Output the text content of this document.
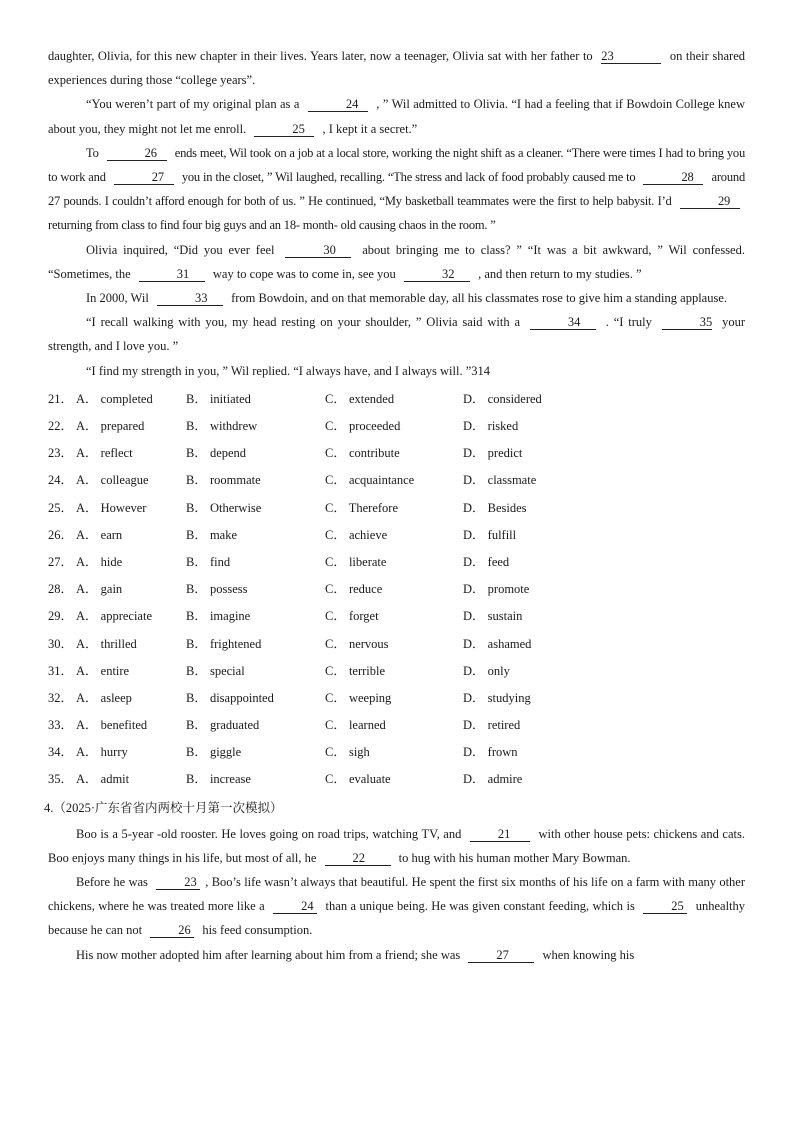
daughter, Olivia, for this new chapter in their lives. Years later, now a teenager, Olivia sat with her father to 23	on their shared experiences during those “college years”.

“You weren’t part of my original plan as a	24 , ” Wil admitted to Olivia. “I had a feeling that if Bowdoin College knew about you, they might not let me enroll.	25 , I kept it a secret.”

To	26 ends meet, Wil took on a job at a local store, working the night shift as a cleaner. “There were times I had to bring you to work and	27 you in the closet, ” Wil laughed, recalling. “The stress and lack of food probably caused me to	28 around 27 pounds. I couldn’t afford enough for both of us. ” He continued, “My basketball teammates were the first to help babysit. I’d	29 returning from class to find four big guys and an 18- month- old causing chaos in the room. ”

Olivia inquired, “Did you ever feel	30 about bringing me to class? ” “It was a bit awkward, ” Wil confessed. “Sometimes, the	31 way to cope was to come in, see you	32 , and then return to my studies. ”

In 2000, Wil	33 from Bowdoin, and on that memorable day, all his classmates rose to give him a standing applause.

“I recall walking with you, my head resting on your shoulder, ” Olivia said with a	34 . “I truly	35 your strength, and I love you. ”

“I find my strength in you, ” Wil replied. “I always have, and I always will. ”314

21． A． completed	B． initiated	C． extended	D． considered
22． A． prepared	B． withdrew	C． proceeded	D． risked
23． A． reflect	B． depend	C． contribute	D． predict
24． A． colleague	B． roommate	C． acquaintance	D． classmate
25． A． However	B． Otherwise	C． Therefore	D． Besides
26． A． earn	B． make	C． achieve	D． fulfill
27． A． hide	B． find	C． liberate	D． feed
28． A． gain	B． possess	C． reduce	D． promote
29． A． appreciate	B． imagine	C． forget	D． sustain
30． A． thrilled	B． frightened	C． nervous	D． ashamed
31． A． entire	B． special	C． terrible	D． only
32． A． asleep	B． disappointed	C． weeping	D． studying
33． A． benefited	B． graduated	C． learned	D． retired
34． A． hurry	B． giggle	C． sigh	D． frown
35． A． admit	B． increase	C． evaluate	D． admire
4.（2025·广东省省内两校十月第一次模拟）

Boo is a 5-year -old rooster. He loves going on road trips, watching TV, and	21 with other house pets: chickens and cats. Boo enjoys many things in his life, but most of all, he	22 to hug with his human mother Mary Bowman.

Before he was	23 , Boo’s life wasn’t always that beautiful. He spent the first six months of his life on a farm with many other chickens, where he was treated more like a	24 than a unique being. He was given constant feeding, which is	25 unhealthy because he can not	26 his feed consumption.

His now mother adopted him after learning about him from a friend; she was	27 when knowing his
